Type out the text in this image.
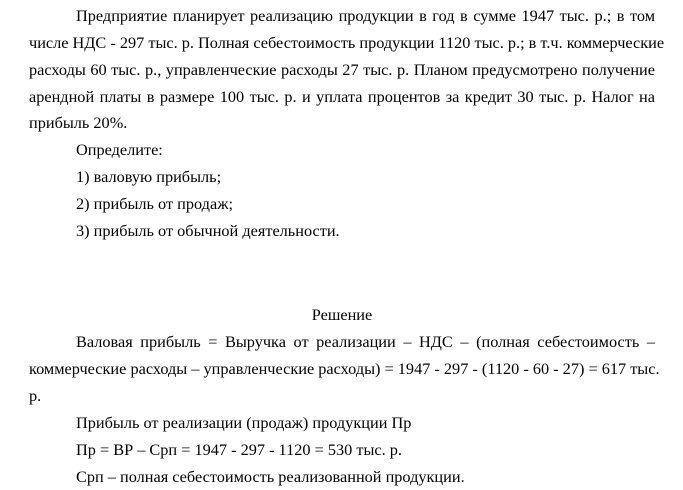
Предприятие планирует реализацию продукции в год в сумме 1947 тыс. р.; в том
числе НДС - 297 тыс. р. Полная себестоимость продукции 1120 тыс. р.; в т.ч. коммерческие
расходы 60 тыс. р., управленческие расходы 27 тыс. р. Планом предусмотрено получение
арендной платы в размере 100 тыс. р. и уплата процентов за кредит 30 тыс. р. Налог на
прибыль 20%.
Определите:
1) валовую прибыль;
2) прибыль от продаж;
3) прибыль от обычной деятельности.
Решение
Валовая прибыль = Выручка от реализации – НДС – (полная себестоимость –
коммерческие расходы – управленческие расходы) = 1947 - 297 - (1120 - 60 - 27) = 617 тыс.
р.
Прибыль от реализации (продаж) продукции Пр
Пр = ВР – Срп = 1947 - 297 - 1120 = 530 тыс. р.
Срп – полная себестоимость реализованной продукции.
